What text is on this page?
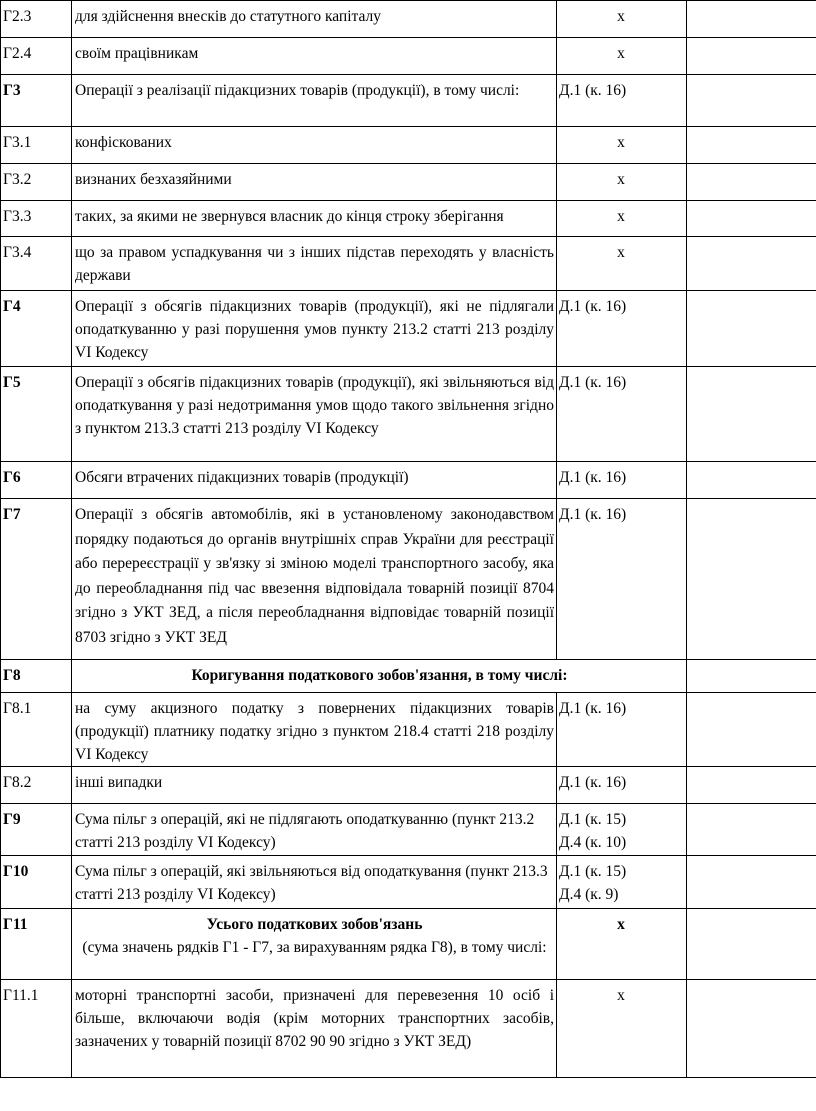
Г2.3	для здійснення внесків до статутного капіталу	х	
Г2.4	своїм працівникам	х	
Г3	Операції з реалізації підакцизних товарів (продукції), в тому числі:	Д.1 (к. 16)	
Г3.1	конфіскованих	х	
Г3.2	визнаних безхазяйними	х	
Г3.3	таких, за якими не звернувся власник до кінця строку зберігання	х	
Г3.4	що за правом успадкування чи з інших підстав переходять у власність держави	х	
Г4	Операції з обсягів підакцизних товарів (продукції), які не підлягали оподаткуванню у разі порушення умов пункту 213.2 статті 213 розділу VI Кодексу	Д.1 (к. 16)	
Г5	Операції з обсягів підакцизних товарів (продукції), які звільняються від оподаткування у разі недотримання умов щодо такого звільнення згідно з пунктом 213.3 статті 213 розділу VI Кодексу	Д.1 (к. 16)	
Г6	Обсяги втрачених підакцизних товарів (продукції)	Д.1 (к. 16)	
Г7	Операції з обсягів автомобілів, які в установленому законодавством порядку подаються до органів внутрішніх справ України для реєстрації або перереєстрації у зв'язку зі зміною моделі транспортного засобу, яка до переобладнання під час ввезення відповідала товарній позиції 8704 згідно з УКТ ЗЕД, а після переобладнання відповідає товарній позиції 8703 згідно з УКТ ЗЕД	Д.1 (к. 16)	
Г8	Коригування податкового зобов'язання, в тому числі:		
Г8.1	на суму акцизного податку з повернених підакцизних товарів (продукції) платнику податку згідно з пунктом 218.4 статті 218 розділу VI Кодексу	Д.1 (к. 16)	
Г8.2	інші випадки	Д.1 (к. 16)	
Г9	Сума пільг з операцій, які не підлягають оподаткуванню (пункт 213.2 статті 213 розділу VI Кодексу)	Д.1 (к. 15)
Д.4 (к. 10)	

Г10	Сума пільг з операцій, які звільняються від оподаткування (пункт 213.3 статті 213 розділу VI Кодексу)	Д.1 (к. 15)
Д.4 (к. 9)	

Г11	Усього податкових зобов'язань
(сума значень рядків Г1 - Г7, за вирахуванням рядка Г8), в тому числі:	х	
Г11.1	моторні транспортні засоби, призначені для перевезення 10 осіб і більше, включаючи водія (крім моторних транспортних засобів, зазначених у товарній позиції 8702 90 90 згідно з УКТ ЗЕД)	х	
